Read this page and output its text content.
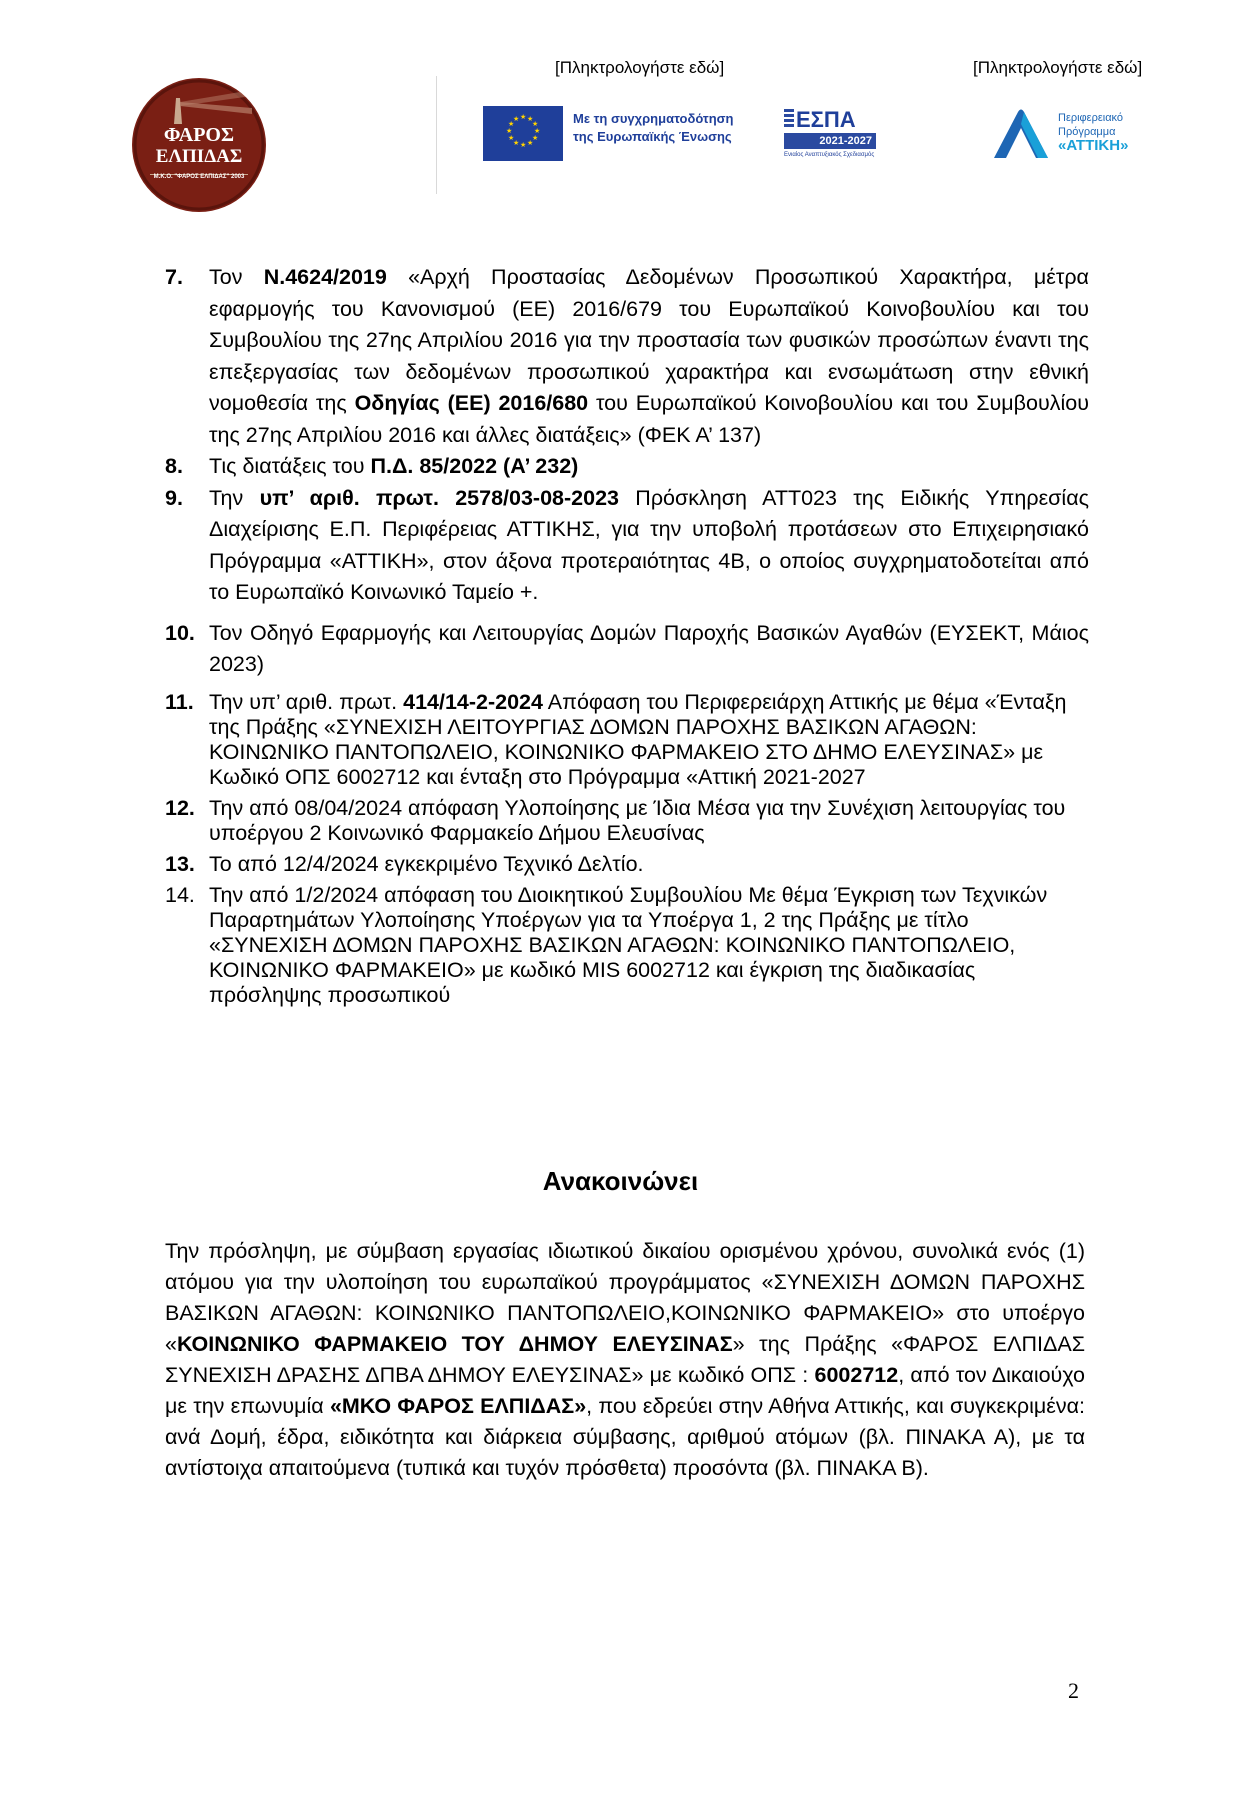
[Πληκτρολογήστε εδώ]	[Πληκτρολογήστε εδώ]
ΦΑΡΟΣ
ΕΛΠΙΔΑΣ
Μ.Κ.Ο. "ΦΑΡΟΣ ΕΛΠΙΔΑΣ" 2003
★ ★
★
★
★
★
★
★
★
★
★
★	Με τη συγχρηματοδότηση
της Ευρωπαϊκής Ένωσης
ΕΣΠΑ
2021-2027
Ενιαίος Αναπτυξιακός Σχεδιασμός
Περιφερειακό
Πρόγραμμα
«ΑΤΤΙΚΗ»
7. Τον Ν.4624/2019 «Αρχή Προστασίας Δεδομένων Προσωπικού Χαρακτήρα, μέτρα εφαρμογής του Κανονισμού (ΕΕ) 2016/679 του Ευρωπαϊκού Κοινοβουλίου και του Συμβουλίου της 27ης Απριλίου 2016 για την προστασία των φυσικών προσώπων έναντι της επεξεργασίας των δεδομένων προσωπικού χαρακτήρα και ενσωμάτωση στην εθνική νομοθεσία της Οδηγίας (ΕΕ) 2016/680 του Ευρωπαϊκού Κοινοβουλίου και του Συμβουλίου της 27ης Απριλίου 2016 και άλλες διατάξεις» (ΦΕΚ Α’ 137)
8. Τις διατάξεις του Π.Δ. 85/2022 (Α’ 232)
9. Την υπ’ αριθ. πρωτ. 2578/03-08-2023 Πρόσκληση ΑΤΤ023 της Ειδικής Υπηρεσίας Διαχείρισης Ε.Π. Περιφέρειας ΑΤΤΙΚΗΣ, για την υποβολή προτάσεων στο Επιχειρησιακό Πρόγραμμα «ΑΤΤΙΚΗ», στον άξονα προτεραιότητας 4Β, ο οποίος συγχρηματοδοτείται από το Ευρωπαϊκό Κοινωνικό Ταμείο +.
10. Τον Οδηγό Εφαρμογής και Λειτουργίας Δομών Παροχής Βασικών Αγαθών (ΕΥΣΕΚΤ, Μάιος 2023)
11. Την υπ’ αριθ. πρωτ. 414/14-2-2024 Απόφαση του Περιφερειάρχη Αττικής με θέμα «Ένταξη της Πράξης «ΣΥΝΕΧΙΣΗ ΛΕΙΤΟΥΡΓΙΑΣ ΔΟΜΩΝ ΠΑΡΟΧΗΣ ΒΑΣΙΚΩΝ ΑΓΑΘΩΝ: ΚΟΙΝΩΝΙΚΟ ΠΑΝΤΟΠΩΛΕΙΟ, ΚΟΙΝΩΝΙΚΟ ΦΑΡΜΑΚΕΙΟ ΣΤΟ ΔΗΜΟ ΕΛΕΥΣΙΝΑΣ» με Κωδικό ΟΠΣ 6002712 και ένταξη στο Πρόγραμμα «Αττική 2021-2027
12. Την από 08/04/2024 απόφαση Υλοποίησης με Ίδια Μέσα για την Συνέχιση λειτουργίας του υποέργου 2 Κοινωνικό Φαρμακείο Δήμου Ελευσίνας
13. Το από 12/4/2024 εγκεκριμένο Τεχνικό Δελτίο.
14. Την από 1/2/2024 απόφαση του Διοικητικού Συμβουλίου Με θέμα Έγκριση των Τεχνικών Παραρτημάτων Υλοποίησης Υποέργων για τα Υποέργα 1, 2 της Πράξης με τίτλο «ΣΥΝΕΧΙΣΗ ΔΟΜΩΝ ΠΑΡΟΧΗΣ ΒΑΣΙΚΩΝ ΑΓΑΘΩΝ: ΚΟΙΝΩΝΙΚΟ ΠΑΝΤΟΠΩΛΕΙΟ, ΚΟΙΝΩΝΙΚΟ ΦΑΡΜΑΚΕΙΟ» με κωδικό MIS 6002712 και έγκριση της διαδικασίας πρόσληψης προσωπικού
Ανακοινώνει
Την πρόσληψη, με σύμβαση εργασίας ιδιωτικού δικαίου ορισμένου χρόνου, συνολικά ενός (1) ατόμου για την υλοποίηση του ευρωπαϊκού προγράμματος «ΣΥΝΕΧΙΣΗ ΔΟΜΩΝ ΠΑΡΟΧΗΣ ΒΑΣΙΚΩΝ ΑΓΑΘΩΝ: ΚΟΙΝΩΝΙΚΟ ΠΑΝΤΟΠΩΛΕΙΟ,ΚΟΙΝΩΝΙΚΟ ΦΑΡΜΑΚΕΙΟ» στο υποέργο «ΚΟΙΝΩΝΙΚΟ ΦΑΡΜΑΚΕΙΟ ΤΟΥ ΔΗΜΟΥ ΕΛΕΥΣΙΝΑΣ» της Πράξης «ΦΑΡΟΣ ΕΛΠΙΔΑΣ ΣΥΝΕΧΙΣΗ ΔΡΑΣΗΣ ΔΠΒΑ ΔΗΜΟΥ ΕΛΕΥΣΙΝΑΣ» με κωδικό ΟΠΣ : 6002712, από τον Δικαιούχο με την επωνυμία «ΜΚΟ ΦΑΡΟΣ ΕΛΠΙΔΑΣ», που εδρεύει στην Αθήνα Αττικής, και συγκεκριμένα: ανά Δομή, έδρα, ειδικότητα και διάρκεια σύμβασης, αριθμού ατόμων (βλ. ΠΙΝΑΚΑ Α), με τα αντίστοιχα απαιτούμενα (τυπικά και τυχόν πρόσθετα) προσόντα (βλ. ΠΙΝΑΚΑ Β).
2
